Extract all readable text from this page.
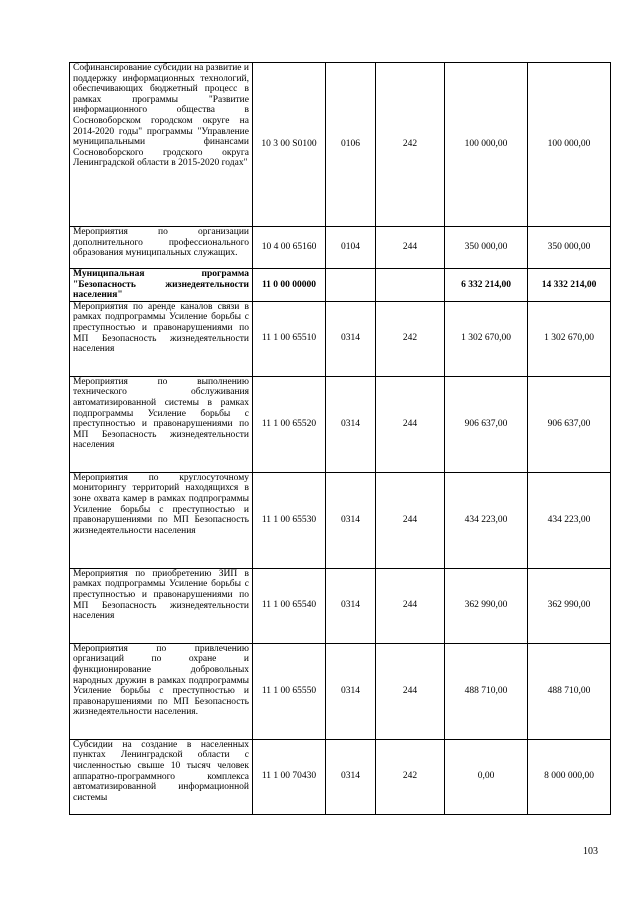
Софинансирование субсидии на развитие и поддержку информационных технологий, обеспечивающих бюджетный процесс в рамках программы "Развитие информационного общества в Сосновоборском городском округе на 2014-2020 годы" программы "Управление муниципальными финансами Сосновоборского гродского округа Ленинградской области в 2015-2020 годах"	10 3 00 S0100	0106	242	100 000,00	100 000,00
Мероприятия по организации дополнительного профессионального образования муниципальных служащих.	10 4 00 65160	0104	244	350 000,00	350 000,00
Муниципальная программа "Безопасность жизнедеятельности населения"	11 0 00 00000			6 332 214,00	14 332 214,00
Мероприятия по аренде каналов связи в рамках подпрограммы Усиление борьбы с преступностью и правонарушениями по МП Безопасность жизнедеятельности населения	11 1 00 65510	0314	242	1 302 670,00	1 302 670,00
Мероприятия по выполнению технического обслуживания автоматизированной системы в рамках подпрограммы Усиление борьбы с преступностью и правонарушениями по МП Безопасность жизнедеятельности населения	11 1 00 65520	0314	244	906 637,00	906 637,00
Мероприятия по круглосуточному мониторингу территорий находящихся в зоне охвата камер в рамках подпрограммы Усиление борьбы с преступностью и правонарушениями по МП Безопасность жизнедеятельности населения	11 1 00 65530	0314	244	434 223,00	434 223,00
Мероприятия по приобретению ЗИП в рамках подпрограммы Усиление борьбы с преступностью и правонарушениями по МП Безопасность жизнедеятельности населения	11 1 00 65540	0314	244	362 990,00	362 990,00
Мероприятия по привлечению организаций по охране и функционирование добровольных народных дружин в рамках подпрограммы Усиление борьбы с преступностью и правонарушениями по МП Безопасность жизнедеятельности населения.	11 1 00 65550	0314	244	488 710,00	488 710,00
Субсидии на создание в населенных пунктах Ленинградской области с численностью свыше 10 тысяч человек аппаратно-программного комплекса автоматизированной информационной системы	11 1 00 70430	0314	242	0,00	8 000 000,00
103
